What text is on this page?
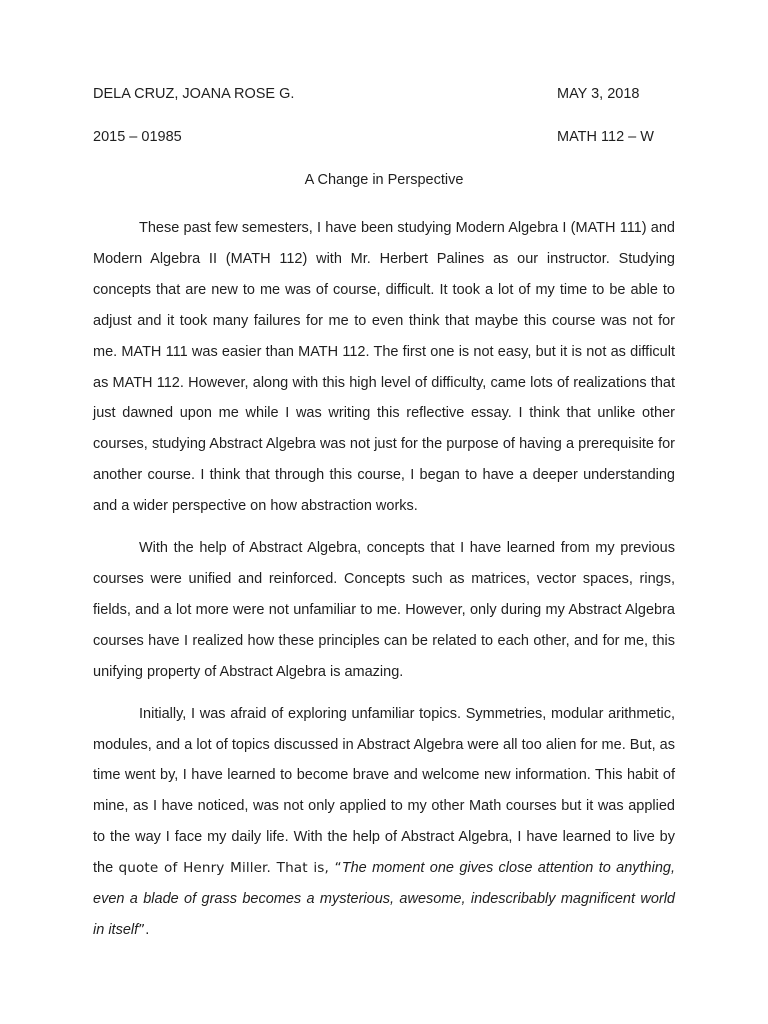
DELA CRUZ, JOANA ROSE G.	MAY 3, 2018
2015 – 01985	MATH 112 – W
A Change in Perspective

These past few semesters, I have been studying Modern Algebra I (MATH 111) and Modern Algebra II (MATH 112) with Mr. Herbert Palines as our instructor. Studying concepts that are new to me was of course, difficult. It took a lot of my time to be able to adjust and it took many failures for me to even think that maybe this course was not for me. MATH 111 was easier than MATH 112. The first one is not easy, but it is not as difficult as MATH 112. However, along with this high level of difficulty, came lots of realizations that just dawned upon me while I was writing this reflective essay. I think that unlike other courses, studying Abstract Algebra was not just for the purpose of having a prerequisite for another course. I think that through this course, I began to have a deeper understanding and a wider perspective on how abstraction works.

With the help of Abstract Algebra, concepts that I have learned from my previous courses were unified and reinforced. Concepts such as matrices, vector spaces, rings, fields, and a lot more were not unfamiliar to me. However, only during my Abstract Algebra courses have I realized how these principles can be related to each other, and for me, this unifying property of Abstract Algebra is amazing.

Initially, I was afraid of exploring unfamiliar topics. Symmetries, modular arithmetic, modules, and a lot of topics discussed in Abstract Algebra were all too alien for me. But, as time went by, I have learned to become brave and welcome new information. This habit of mine, as I have noticed, was not only applied to my other Math courses but it was applied to the way I face my daily life. With the help of Abstract Algebra, I have learned to live by the quote of Henry Miller. That is, “The moment one gives close attention to anything, even a blade of grass becomes a mysterious, awesome, indescribably magnificent world in itself”.
